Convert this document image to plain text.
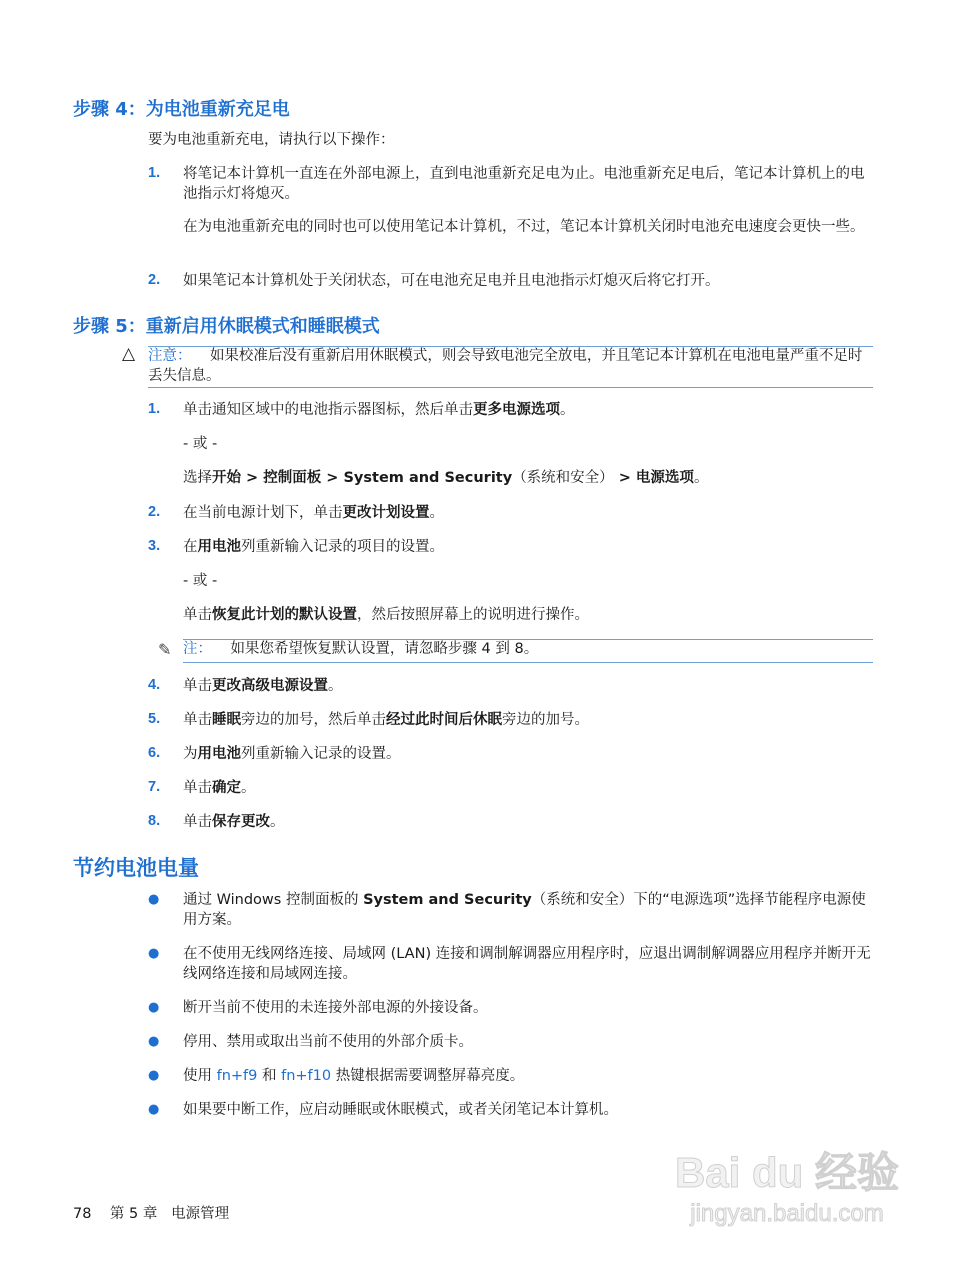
步骤 4：为电池重新充足电
要为电池重新充电，请执行以下操作：
1. 将笔记本计算机一直连在外部电源上，直到电池重新充足电为止。电池重新充足电后，笔记本计算机上的电池指示灯将熄灭。
在为电池重新充电的同时也可以使用笔记本计算机，不过，笔记本计算机关闭时电池充电速度会更快一些。
2. 如果笔记本计算机处于关闭状态，可在电池充足电并且电池指示灯熄灭后将它打开。
步骤 5：重新启用休眠模式和睡眠模式
△ 注意： 如果校准后没有重新启用休眠模式，则会导致电池完全放电，并且笔记本计算机在电池电量严重不足时丢失信息。
1. 单击通知区域中的电池指示器图标，然后单击更多电源选项。
- 或 -
选择开始 > 控制面板 > System and Security（系统和安全） > 电源选项。
2. 在当前电源计划下，单击更改计划设置。
3. 在用电池列重新输入记录的项目的设置。
- 或 -
单击恢复此计划的默认设置，然后按照屏幕上的说明进行操作。
✎ 注： 如果您希望恢复默认设置，请忽略步骤 4 到 8。
4. 单击更改高级电源设置。
5. 单击睡眠旁边的加号，然后单击经过此时间后休眠旁边的加号。
6. 为用电池列重新输入记录的设置。
7. 单击确定。
8. 单击保存更改。
节约电池电量
● 通过 Windows 控制面板的 System and Security（系统和安全）下的“电源选项”选择节能程序电源使用方案。
● 在不使用无线网络连接、局域网 (LAN) 连接和调制解调器应用程序时，应退出调制解调器应用程序并断开无线网络连接和局域网连接。
● 断开当前不使用的未连接外部电源的外接设备。
● 停用、禁用或取出当前不使用的外部介质卡。
● 使用 fn+f9 和 fn+f10 热键根据需要调整屏幕亮度。
● 如果要中断工作，应启动睡眠或休眠模式，或者关闭笔记本计算机。
78 第 5 章 电源管理
Bai du 经验
jingyan.baidu.com
